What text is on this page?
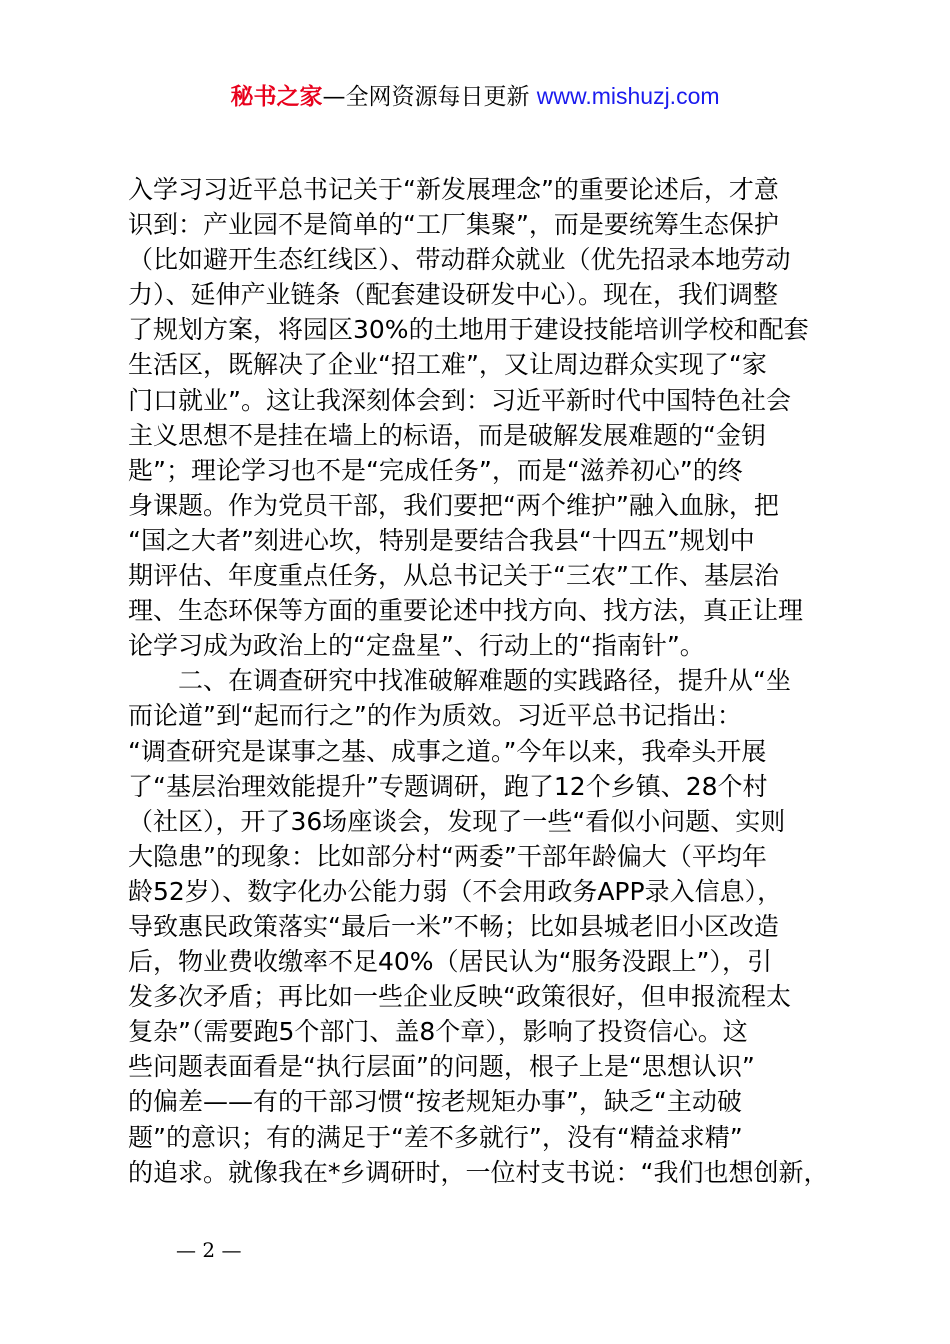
秘书之家—全网资源每日更新 www.mishuzj.com
入学习习近平总书记关于“新发展理念”的重要论述后，才意
识到：产业园不是简单的“工厂集聚”，而是要统筹生态保护
（比如避开生态红线区）、带动群众就业（优先招录本地劳动
力）、延伸产业链条（配套建设研发中心）。现在，我们调整
了规划方案，将园区30%的土地用于建设技能培训学校和配套
生活区，既解决了企业“招工难”，又让周边群众实现了“家
门口就业”。这让我深刻体会到：习近平新时代中国特色社会
主义思想不是挂在墙上的标语，而是破解发展难题的“金钥
匙”；理论学习也不是“完成任务”，而是“滋养初心”的终
身课题。作为党员干部，我们要把“两个维护”融入血脉，把
“国之大者”刻进心坎，特别是要结合我县“十四五”规划中
期评估、年度重点任务，从总书记关于“三农”工作、基层治
理、生态环保等方面的重要论述中找方向、找方法，真正让理
论学习成为政治上的“定盘星”、行动上的“指南针”。
二、在调查研究中找准破解难题的实践路径，提升从“坐
而论道”到“起而行之”的作为质效。习近平总书记指出：
“调查研究是谋事之基、成事之道。”今年以来，我牵头开展
了“基层治理效能提升”专题调研，跑了12个乡镇、28个村
（社区），开了36场座谈会，发现了一些“看似小问题、实则
大隐患”的现象：比如部分村“两委”干部年龄偏大（平均年
龄52岁）、数字化办公能力弱（不会用政务APP录入信息），
导致惠民政策落实“最后一米”不畅；比如县城老旧小区改造
后，物业费收缴率不足40%（居民认为“服务没跟上”），引
发多次矛盾；再比如一些企业反映“政策很好，但申报流程太
复杂”（需要跑5个部门、盖8个章），影响了投资信心。这
些问题表面看是“执行层面”的问题，根子上是“思想认识”
的偏差——有的干部习惯“按老规矩办事”，缺乏“主动破
题”的意识；有的满足于“差不多就行”，没有“精益求精”
的追求。就像我在*乡调研时，一位村支书说：“我们也想创新，
— 2 —
